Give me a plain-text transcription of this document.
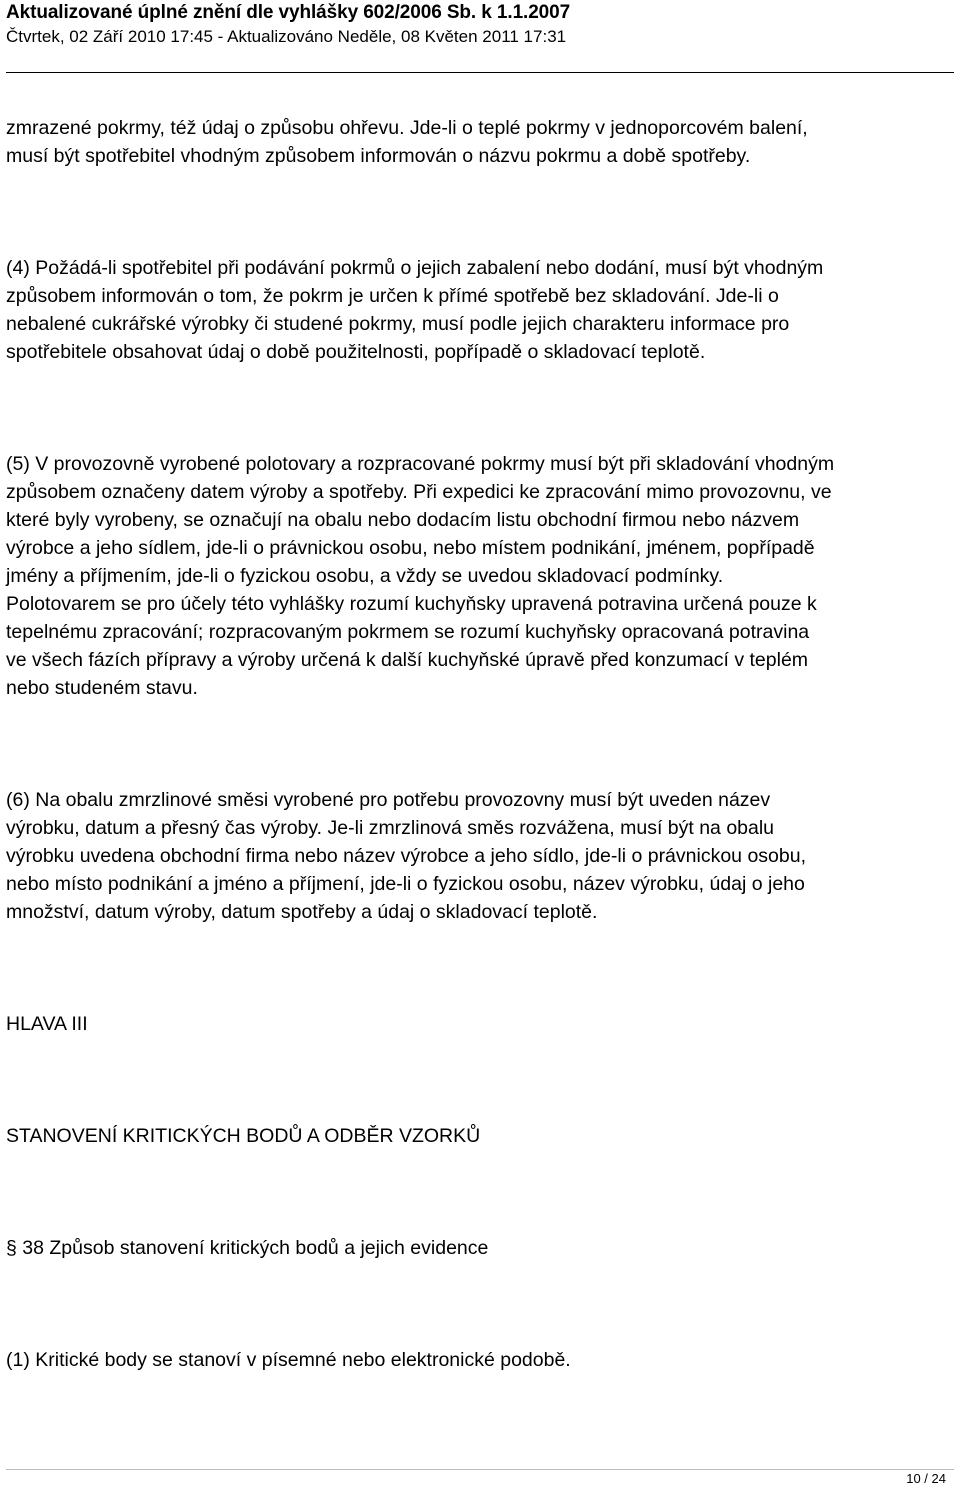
Aktualizované úplné znění dle vyhlášky 602/2006 Sb. k 1.1.2007
Čtvrtek, 02 Září 2010 17:45 - Aktualizováno Neděle, 08 Květen 2011 17:31

zmrazené pokrmy, též údaj o způsobu ohřevu. Jde-li o teplé pokrmy v jednoporcovém balení,
musí být spotřebitel vhodným způsobem informován o názvu pokrmu a době spotřeby.

(4) Požádá-li spotřebitel při podávání pokrmů o jejich zabalení nebo dodání, musí být vhodným
způsobem informován o tom, že pokrm je určen k přímé spotřebě bez skladování. Jde-li o
nebalené cukrářské výrobky či studené pokrmy, musí podle jejich charakteru informace pro
spotřebitele obsahovat údaj o době použitelnosti, popřípadě o skladovací teplotě.

(5) V provozovně vyrobené polotovary a rozpracované pokrmy musí být při skladování vhodným
způsobem označeny datem výroby a spotřeby. Při expedici ke zpracování mimo provozovnu, ve
které byly vyrobeny, se označují na obalu nebo dodacím listu obchodní firmou nebo názvem
výrobce a jeho sídlem, jde-li o právnickou osobu, nebo místem podnikání, jménem, popřípadě
jmény a příjmením, jde-li o fyzickou osobu, a vždy se uvedou skladovací podmínky.
Polotovarem se pro účely této vyhlášky rozumí kuchyňsky upravená potravina určená pouze k
tepelnému zpracování; rozpracovaným pokrmem se rozumí kuchyňsky opracovaná potravina
ve všech fázích přípravy a výroby určená k další kuchyňské úpravě před konzumací v teplém
nebo studeném stavu.

(6) Na obalu zmrzlinové směsi vyrobené pro potřebu provozovny musí být uveden název
výrobku, datum a přesný čas výroby. Je-li zmrzlinová směs rozvážena, musí být na obalu
výrobku uvedena obchodní firma nebo název výrobce a jeho sídlo, jde-li o právnickou osobu,
nebo místo podnikání a jméno a příjmení, jde-li o fyzickou osobu, název výrobku, údaj o jeho
množství, datum výroby, datum spotřeby a údaj o skladovací teplotě.

HLAVA III

STANOVENÍ KRITICKÝCH BODŮ A ODBĚR VZORKŮ

§ 38 Způsob stanovení kritických bodů a jejich evidence

(1) Kritické body se stanoví v písemné nebo elektronické podobě.

10 / 24
